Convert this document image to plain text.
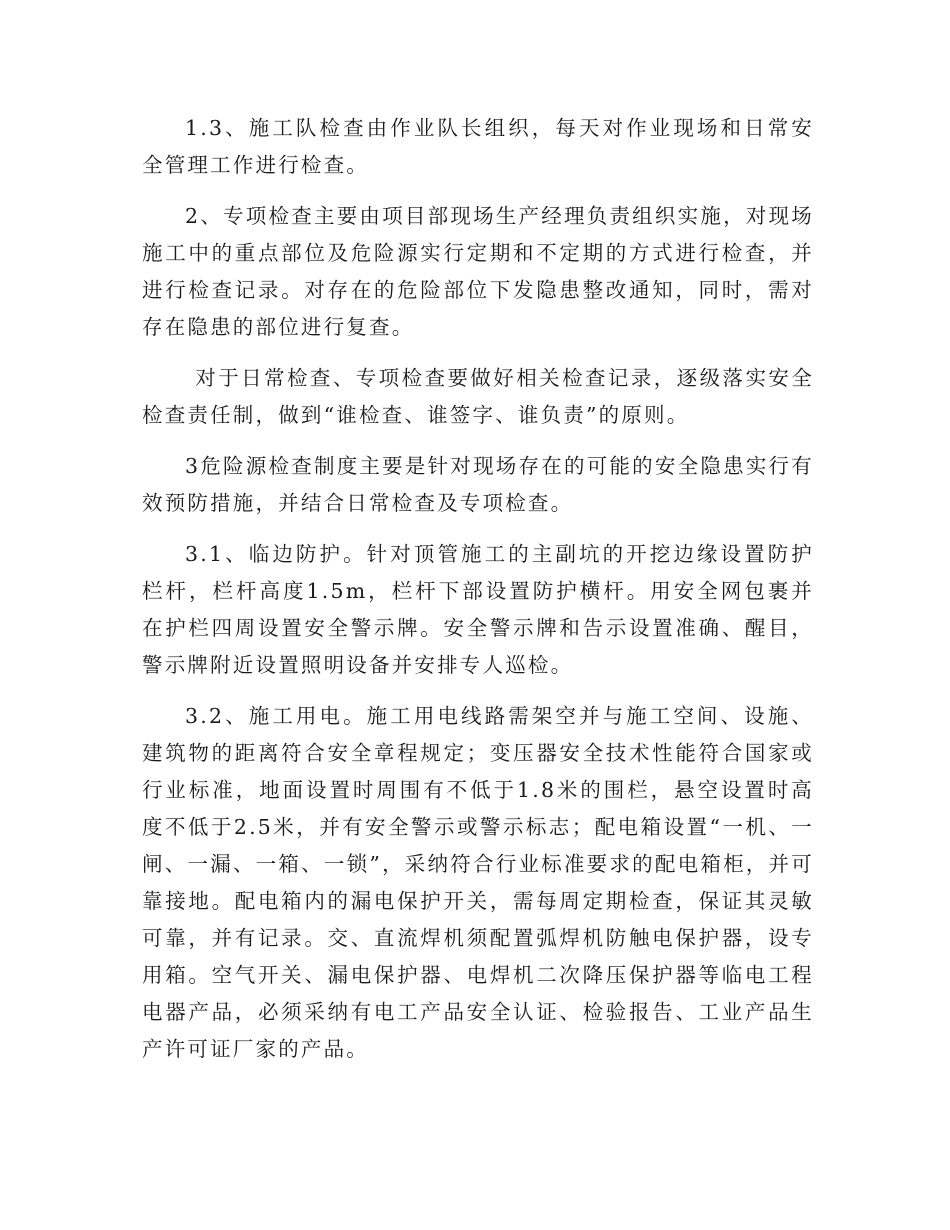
1.3、施工队检查由作业队长组织，每天对作业现场和日常安全管理工作进行检查。

2、专项检查主要由项目部现场生产经理负责组织实施，对现场施工中的重点部位及危险源实行定期和不定期的方式进行检查，并进行检查记录。对存在的危险部位下发隐患整改通知，同时，需对存在隐患的部位进行复查。

对于日常检查、专项检查要做好相关检查记录，逐级落实安全检查责任制，做到“谁检查、谁签字、谁负责”的原则。

3危险源检查制度主要是针对现场存在的可能的安全隐患实行有效预防措施，并结合日常检查及专项检查。

3.1、临边防护。针对顶管施工的主副坑的开挖边缘设置防护栏杆，栏杆高度1.5m，栏杆下部设置防护横杆。用安全网包裹并在护栏四周设置安全警示牌。安全警示牌和告示设置准确、醒目，警示牌附近设置照明设备并安排专人巡检。

3.2、施工用电。施工用电线路需架空并与施工空间、设施、建筑物的距离符合安全章程规定；变压器安全技术性能符合国家或行业标准，地面设置时周围有不低于1.8米的围栏，悬空设置时高度不低于2.5米，并有安全警示或警示标志；配电箱设置“一机、一闸、一漏、一箱、一锁”，采纳符合行业标准要求的配电箱柜，并可靠接地。配电箱内的漏电保护开关，需每周定期检查，保证其灵敏可靠，并有记录。交、直流焊机须配置弧焊机防触电保护器，设专用箱。空气开关、漏电保护器、电焊机二次降压保护器等临电工程电器产品，必须采纳有电工产品安全认证、检验报告、工业产品生产许可证厂家的产品。
